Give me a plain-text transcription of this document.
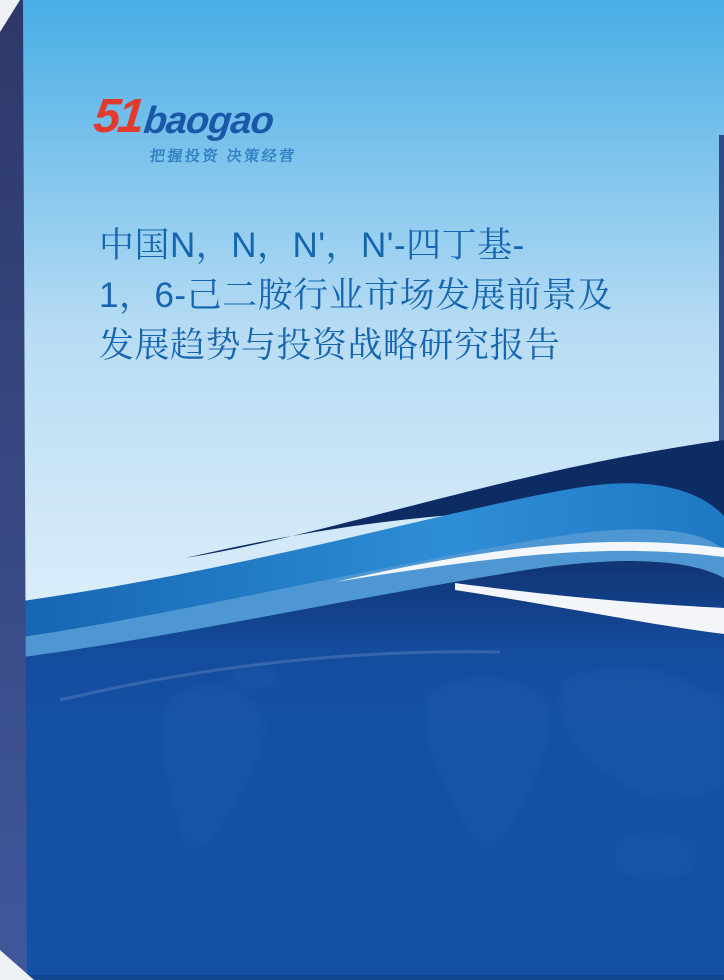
51
baogao
把握投资 决策经营
中国N，N，N'，N'-四丁基-
1，6-己二胺行业市场发展前景及
发展趋势与投资战略研究报告
